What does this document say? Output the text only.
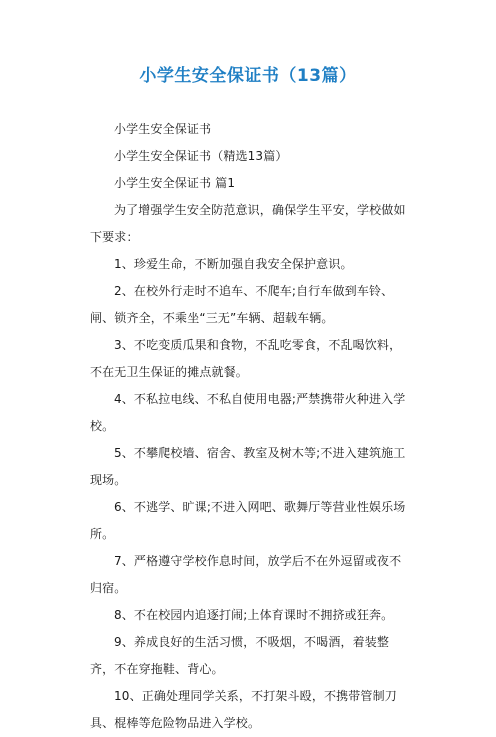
小学生安全保证书（13篇）

小学生安全保证书

小学生安全保证书（精选13篇）

小学生安全保证书 篇1

为了增强学生安全防范意识，确保学生平安，学校做如下要求：

1、珍爱生命，不断加强自我安全保护意识。

2、在校外行走时不追车、不爬车;自行车做到车铃、闸、锁齐全，不乘坐“三无”车辆、超载车辆。

3、不吃变质瓜果和食物，不乱吃零食，不乱喝饮料，不在无卫生保证的摊点就餐。

4、不私拉电线、不私自使用电器;严禁携带火种进入学校。

5、不攀爬校墙、宿舍、教室及树木等;不进入建筑施工现场。

6、不逃学、旷课;不进入网吧、歌舞厅等营业性娱乐场所。

7、严格遵守学校作息时间，放学后不在外逗留或夜不归宿。

8、不在校园内追逐打闹;上体育课时不拥挤或狂奔。

9、养成良好的生活习惯，不吸烟，不喝酒，着装整齐，不在穿拖鞋、背心。

10、正确处理同学关系，不打架斗殴，不携带管制刀具、棍棒等危险物品进入学校。
